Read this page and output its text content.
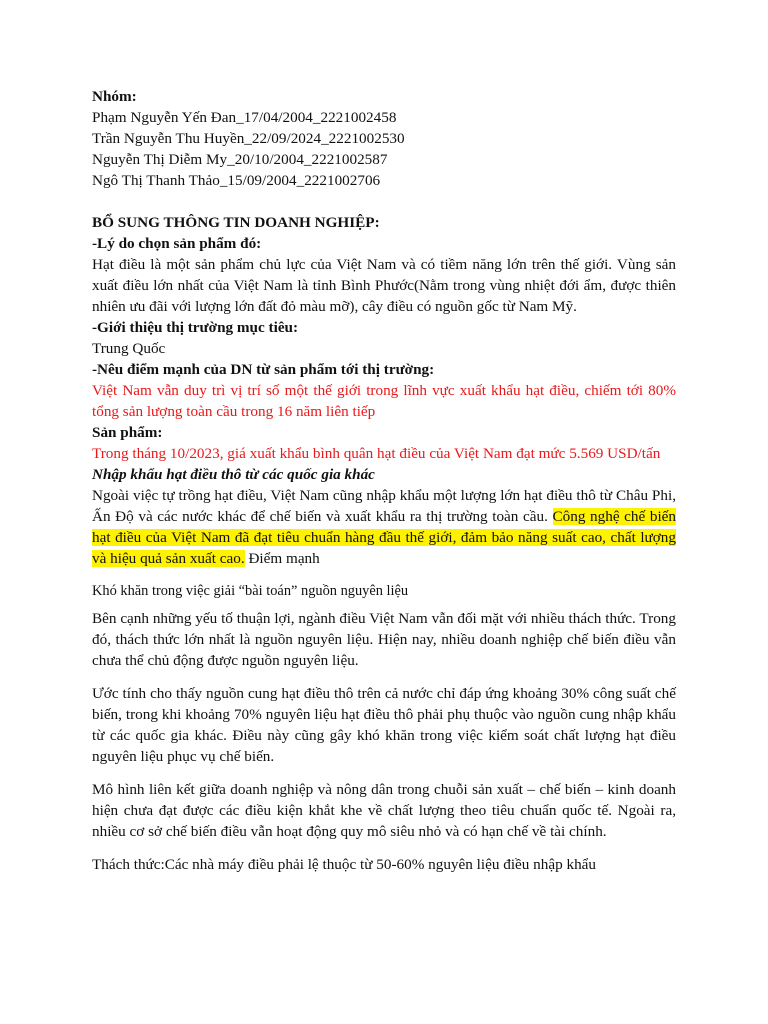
Nhóm:

Phạm Nguyễn Yến Đan_17/04/2004_2221002458

Trần Nguyễn Thu Huyền_22/09/2024_2221002530

Nguyễn Thị Diễm My_20/10/2004_2221002587

Ngô Thị Thanh Thảo_15/09/2004_2221002706

BỔ SUNG THÔNG TIN DOANH NGHIỆP:

-Lý do chọn sản phẩm đó:

Hạt điều là một sản phẩm chủ lực của Việt Nam và có tiềm năng lớn trên thế giới. Vùng sản xuất điều lớn nhất của Việt Nam là tỉnh Bình Phước(Nằm trong vùng nhiệt đới ẩm, được thiên nhiên ưu đãi với lượng lớn đất đỏ màu mỡ), cây điều có nguồn gốc từ Nam Mỹ.

-Giới thiệu thị trường mục tiêu:

Trung Quốc

-Nêu điểm mạnh của DN từ sản phẩm tới thị trường:

Việt Nam vẫn duy trì vị trí số một thế giới trong lĩnh vực xuất khẩu hạt điều, chiếm tới 80% tổng sản lượng toàn cầu trong 16 năm liên tiếp

Sản phẩm:

Trong tháng 10/2023, giá xuất khẩu bình quân hạt điều của Việt Nam đạt mức 5.569 USD/tấn

Nhập khẩu hạt điều thô từ các quốc gia khác

Ngoài việc tự trồng hạt điều, Việt Nam cũng nhập khẩu một lượng lớn hạt điều thô từ Châu Phi, Ấn Độ và các nước khác để chế biến và xuất khẩu ra thị trường toàn cầu. Công nghệ chế biến hạt điều của Việt Nam đã đạt tiêu chuẩn hàng đầu thế giới, đảm bảo năng suất cao, chất lượng và hiệu quả sản xuất cao. Điểm mạnh

Khó khăn trong việc giải “bài toán” nguồn nguyên liệu

Bên cạnh những yếu tố thuận lợi, ngành điều Việt Nam vẫn đối mặt với nhiều thách thức. Trong đó, thách thức lớn nhất là nguồn nguyên liệu. Hiện nay, nhiều doanh nghiệp chế biến điều vẫn chưa thể chủ động được nguồn nguyên liệu.

Ước tính cho thấy nguồn cung hạt điều thô trên cả nước chỉ đáp ứng khoảng 30% công suất chế biến, trong khi khoảng 70% nguyên liệu hạt điều thô phải phụ thuộc vào nguồn cung nhập khẩu từ các quốc gia khác. Điều này cũng gây khó khăn trong việc kiểm soát chất lượng hạt điều nguyên liệu phục vụ chế biến.

Mô hình liên kết giữa doanh nghiệp và nông dân trong chuỗi sản xuất – chế biến – kinh doanh hiện chưa đạt được các điều kiện khắt khe về chất lượng theo tiêu chuẩn quốc tế. Ngoài ra, nhiều cơ sở chế biến điều vẫn hoạt động quy mô siêu nhỏ và có hạn chế về tài chính.

Thách thức:Các nhà máy điều phải lệ thuộc từ 50-60% nguyên liệu điều nhập khẩu
